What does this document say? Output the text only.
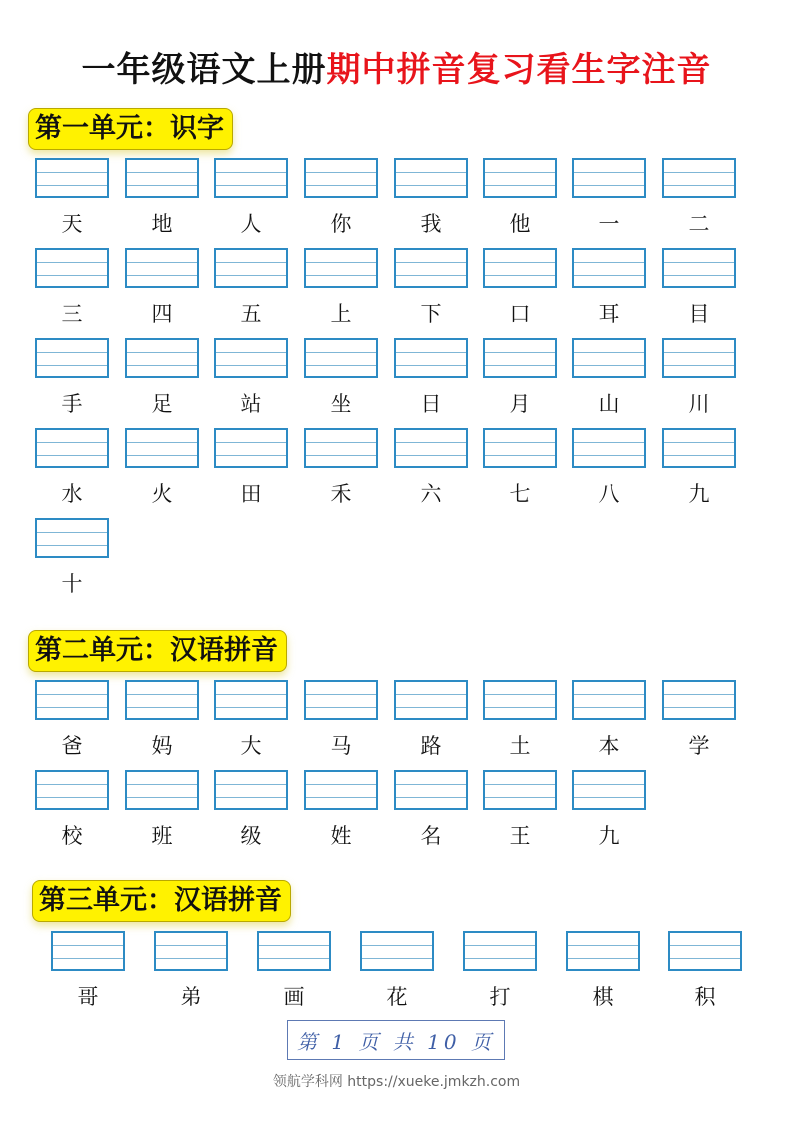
一年级语文上册期中拼音复习看生字注音
第一单元：识字
天	地	人	你	我	他	一	二
三	四	五	上	下	口	耳	目
手	足	站	坐	日	月	山	川
水	火	田	禾	六	七	八	九
十
第二单元：汉语拼音
爸	妈	大	马	路	土	本	学
校	班	级	姓	名	王	九
第三单元：汉语拼音
哥	弟	画	花	打	棋	积
第 1 页 共 10 页
领航学科网 https://xueke.jmkzh.com
